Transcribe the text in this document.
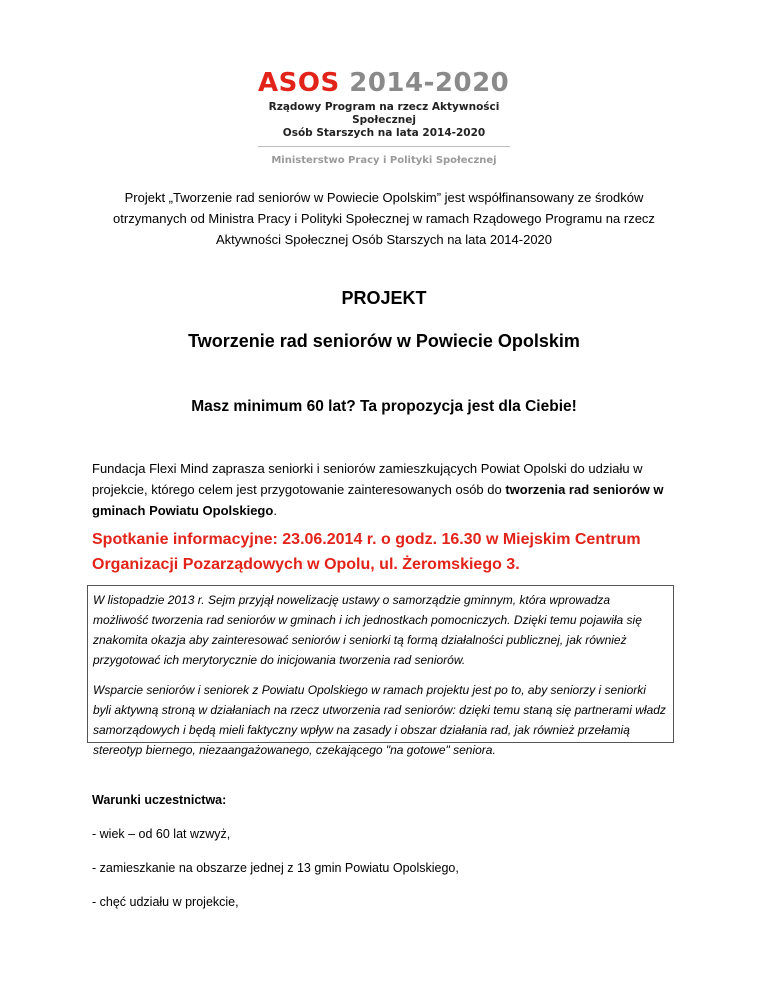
ASOS 2014-2020
Rządowy Program na rzecz Aktywności Społecznej
Osób Starszych na lata 2014-2020
Ministerstwo Pracy i Polityki Społecznej
Projekt „Tworzenie rad seniorów w Powiecie Opolskim” jest współfinansowany ze środków otrzymanych od Ministra Pracy i Polityki Społecznej w ramach Rządowego Programu na rzecz Aktywności Społecznej Osób Starszych na lata 2014-2020
PROJEKT
Tworzenie rad seniorów w Powiecie Opolskim
Masz minimum 60 lat? Ta propozycja jest dla Ciebie!
Fundacja Flexi Mind zaprasza seniorki i seniorów zamieszkujących Powiat Opolski do udziału w projekcie, którego celem jest przygotowanie zainteresowanych osób do tworzenia rad seniorów w gminach Powiatu Opolskiego.
Spotkanie informacyjne: 23.06.2014 r. o godz. 16.30 w Miejskim Centrum Organizacji Pozarządowych w Opolu, ul. Żeromskiego 3.

W listopadzie 2013 r. Sejm przyjął nowelizację ustawy o samorządzie gminnym, która wprowadza możliwość tworzenia rad seniorów w gminach i ich jednostkach pomocniczych. Dzięki temu pojawiła się znakomita okazja aby zainteresować seniorów i seniorki tą formą działalności publicznej, jak również przygotować ich merytorycznie do inicjowania tworzenia rad seniorów.

Wsparcie seniorów i seniorek z Powiatu Opolskiego w ramach projektu jest po to, aby seniorzy i seniorki byli aktywną stroną w działaniach na rzecz utworzenia rad seniorów: dzięki temu staną się partnerami władz samorządowych i będą mieli faktyczny wpływ na zasady i obszar działania rad, jak również przełamią stereotyp biernego, niezaangażowanego, czekającego "na gotowe" seniora.

Warunki uczestnictwa:
- wiek – od 60 lat wzwyż,
- zamieszkanie na obszarze jednej z 13 gmin Powiatu Opolskiego,
- chęć udziału w projekcie,
